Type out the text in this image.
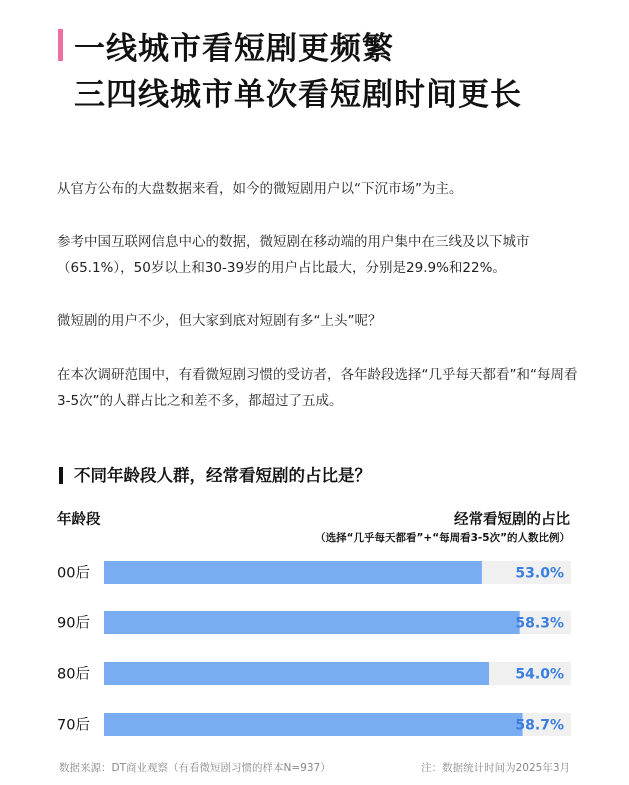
一线城市看短剧更频繁
三四线城市单次看短剧时间更长

从官方公布的大盘数据来看，如今的微短剧用户以“下沉市场”为主。

参考中国互联网信息中心的数据，微短剧在移动端的用户集中在三线及以下城市（65.1%），50岁以上和30-39岁的用户占比最大，分别是29.9%和22%。

微短剧的用户不少，但大家到底对短剧有多“上头”呢？

在本次调研范围中，有看微短剧习惯的受访者，各年龄段选择“几乎每天都看”和“每周看3-5次”的人群占比之和差不多，都超过了五成。

不同年龄段人群，经常看短剧的占比是？
年龄段	经常看短剧的占比
（选择“几乎每天都看”+“每周看3-5次”的人数比例）
00后	53.0%
90后	58.3%
80后	54.0%
70后	58.7%
数据来源：DT商业观察（有看微短剧习惯的样本N=937）	注：数据统计时间为2025年3月
